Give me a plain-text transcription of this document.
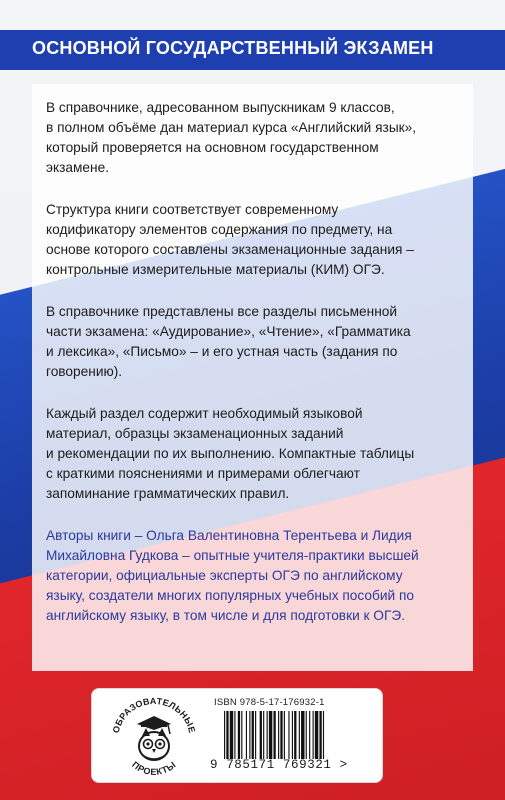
ОСНОВНОЙ ГОСУДАРСТВЕННЫЙ ЭКЗАМЕН

В справочнике, адресованном выпускникам 9 классов,
в полном объёме дан материал курса «Английский язык»,
который проверяется на основном государственном
экзамене.

Структура книги соответствует современному
кодификатору элементов содержания по предмету, на
основе которого составлены экзаменационные задания –
контрольные измерительные материалы (КИМ) ОГЭ.

В справочнике представлены все разделы письменной
части экзамена: «Аудирование», «Чтение», «Грамматика
и лексика», «Письмо» – и его устная часть (задания по
говорению).

Каждый раздел содержит необходимый языковой
материал, образцы экзаменационных заданий
и рекомендации по их выполнению. Компактные таблицы
с краткими пояснениями и примерами облегчают
запоминание грамматических правил.

Авторы книги – Ольга Валентиновна Терентьева и Лидия
Михайловна Гудкова – опытные учителя-практики высшей
категории, официальные эксперты ОГЭ по английскому
языку, создатели многих популярных учебных пособий по
английскому языку, в том числе и для подготовки к ОГЭ.

ОБРАЗОВАТЕЛЬНЫЕ
ПРОЕКТЫ
ISBN 978-5-17-176932-1
9 785171 769321 >
